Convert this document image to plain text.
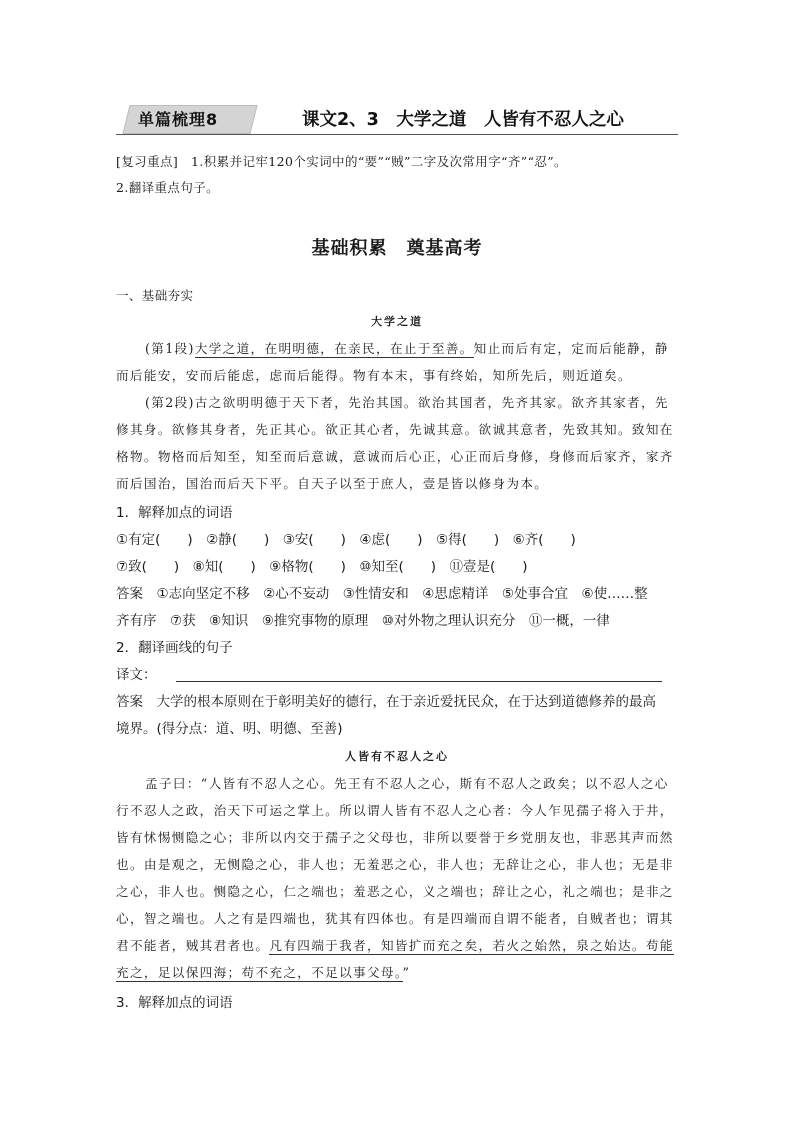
单篇梳理8	课文2、3　大学之道　人皆有不忍人之心
[复习重点]　1.积累并记牢120个实词中的“要”“贼”二字及次常用字“齐”“忍”。
2.翻译重点句子。
基础积累　奠基高考
一、基础夯实
大学之道
(第1段)大学之道，在明明德，在亲民，在止于至善。知止而后有定，定而后能静，静
而后能安，安而后能虑，虑而后能得。物有本末，事有终始，知所先后，则近道矣。
(第2段)古之欲明明德于天下者，先治其国。欲治其国者，先齐其家。欲齐其家者，先
修其身。欲修其身者，先正其心。欲正其心者，先诚其意。欲诚其意者，先致其知。致知在
格物。物格而后知至，知至而后意诚，意诚而后心正，心正而后身修，身修而后家齐，家齐
而后国治，国治而后天下平。自天子以至于庶人，壹是皆以修身为本。
1．解释加点的词语
①有定(　　)　②静(　　)　③安(　　)　④虑(　　)　⑤得(　　)　⑥齐(　　)
⑦致(　　)　⑧知(　　)　⑨格物(　　)　⑩知至(　　)　⑪壹是(　　)
答案　①志向坚定不移　②心不妄动　③性情安和　④思虑精详　⑤处事合宜　⑥使……整
齐有序　⑦获　⑧知识　⑨推究事物的原理　⑩对外物之理认识充分　⑪一概，一律
2．翻译画线的句子
译文：
答案　大学的根本原则在于彰明美好的德行，在于亲近爱抚民众，在于达到道德修养的最高
境界。(得分点：道、明、明德、至善)
人皆有不忍人之心
孟子曰：“人皆有不忍人之心。先王有不忍人之心，斯有不忍人之政矣；以不忍人之心
行不忍人之政，治天下可运之掌上。所以谓人皆有不忍人之心者：今人乍见孺子将入于井，
皆有怵惕恻隐之心；非所以内交于孺子之父母也，非所以要誉于乡党朋友也，非恶其声而然
也。由是观之，无恻隐之心，非人也；无羞恶之心，非人也；无辞让之心，非人也；无是非
之心，非人也。恻隐之心，仁之端也；羞恶之心，义之端也；辞让之心，礼之端也；是非之
心，智之端也。人之有是四端也，犹其有四体也。有是四端而自谓不能者，自贼者也；谓其
君不能者，贼其君者也。凡有四端于我者，知皆扩而充之矣，若火之始然，泉之始达。苟能
充之，足以保四海；苟不充之，不足以事父母。”
3．解释加点的词语
